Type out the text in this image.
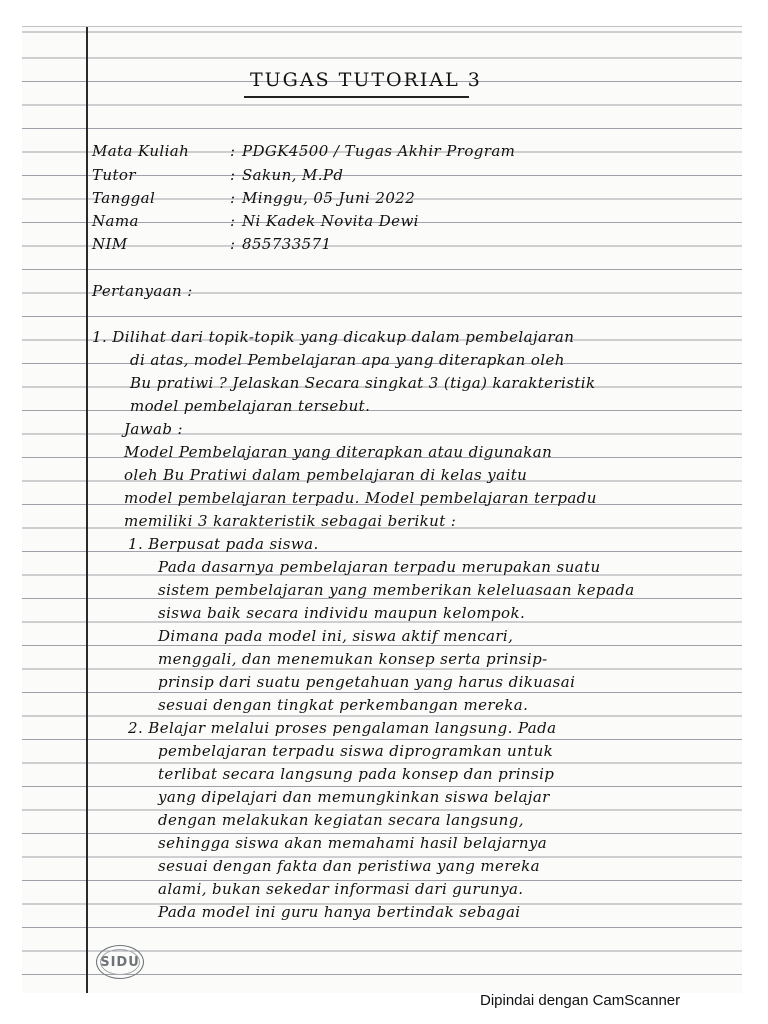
TUGAS TUTORIAL 3
Mata Kuliah	: PDGK4500 / Tugas Akhir Program
Tutor	: Sakun, M.Pd
Tanggal	: Minggu, 05 Juni 2022
Nama	: Ni Kadek Novita Dewi
NIM	: 855733571
Pertanyaan :
1. Dilihat dari topik-topik yang dicakup dalam pembelajaran
di atas, model Pembelajaran apa yang diterapkan oleh
Bu pratiwi ? Jelaskan Secara singkat 3 (tiga) karakteristik
model pembelajaran tersebut.
Jawab :
Model Pembelajaran yang diterapkan atau digunakan
oleh Bu Pratiwi dalam pembelajaran di kelas yaitu
model pembelajaran terpadu. Model pembelajaran terpadu
memiliki 3 karakteristik sebagai berikut :
1. Berpusat pada siswa.
Pada dasarnya pembelajaran terpadu merupakan suatu
sistem pembelajaran yang memberikan keleluasaan kepada
siswa baik secara individu maupun kelompok.
Dimana pada model ini, siswa aktif mencari,
menggali, dan menemukan konsep serta prinsip-
prinsip dari suatu pengetahuan yang harus dikuasai
sesuai dengan tingkat perkembangan mereka.
2. Belajar melalui proses pengalaman langsung. Pada
pembelajaran terpadu siswa diprogramkan untuk
terlibat secara langsung pada konsep dan prinsip
yang dipelajari dan memungkinkan siswa belajar
dengan melakukan kegiatan secara langsung,
sehingga siswa akan memahami hasil belajarnya
sesuai dengan fakta dan peristiwa yang mereka
alami, bukan sekedar informasi dari gurunya.
Pada model ini guru hanya bertindak sebagai
SIDU
Dipindai dengan CamScanner
